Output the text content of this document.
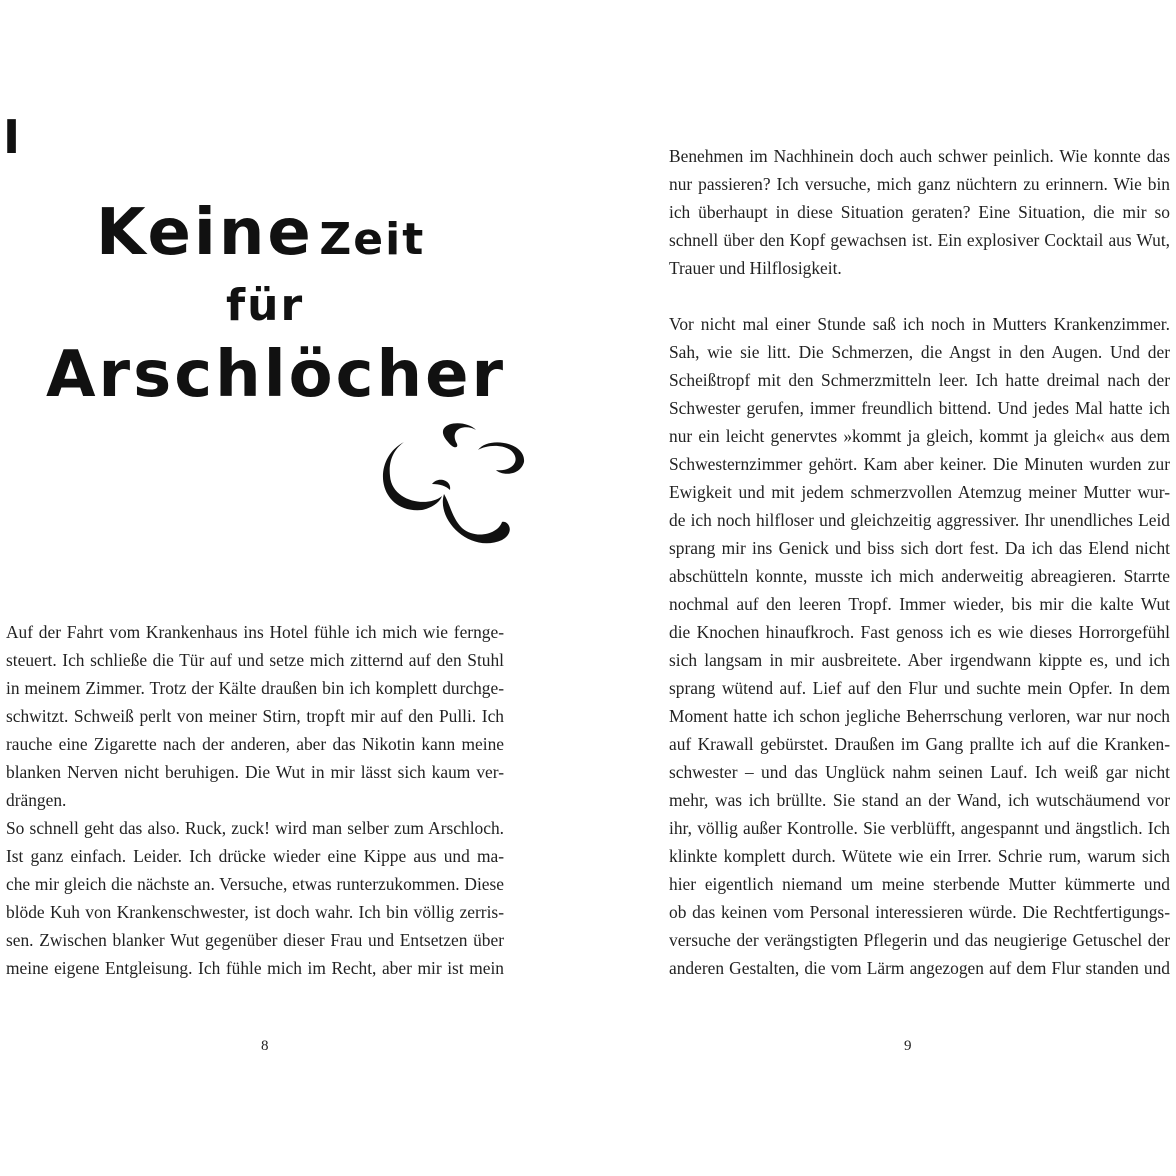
I
Keine Zeit
für
Arschlöcher

Auf der Fahrt vom Krankenhaus ins Hotel fühle ich mich wie fernge-
steuert. Ich schließe die Tür auf und setze mich zitternd auf den Stuhl
in meinem Zimmer. Trotz der Kälte draußen bin ich komplett durchge-
schwitzt. Schweiß perlt von meiner Stirn, tropft mir auf den Pulli. Ich
rauche eine Zigarette nach der anderen, aber das Nikotin kann meine
blanken Nerven nicht beruhigen. Die Wut in mir lässt sich kaum ver-
drängen.

So schnell geht das also. Ruck, zuck! wird man selber zum Arschloch.
Ist ganz einfach. Leider. Ich drücke wieder eine Kippe aus und ma-
che mir gleich die nächste an. Versuche, etwas runterzukommen. Diese
blöde Kuh von Krankenschwester, ist doch wahr. Ich bin völlig zerris-
sen. Zwischen blanker Wut gegenüber dieser Frau und Entsetzen über
meine eigene Entgleisung. Ich fühle mich im Recht, aber mir ist mein

8

Benehmen im Nachhinein doch auch schwer peinlich. Wie konnte das
nur passieren? Ich versuche, mich ganz nüchtern zu erinnern. Wie bin
ich überhaupt in diese Situation geraten? Eine Situation, die mir so
schnell über den Kopf gewachsen ist. Ein explosiver Cocktail aus Wut,
Trauer und Hilflosigkeit.

Vor nicht mal einer Stunde saß ich noch in Mutters Krankenzimmer.
Sah, wie sie litt. Die Schmerzen, die Angst in den Augen. Und der
Scheißtropf mit den Schmerzmitteln leer. Ich hatte dreimal nach der
Schwester gerufen, immer freundlich bittend. Und jedes Mal hatte ich
nur ein leicht genervtes »kommt ja gleich, kommt ja gleich« aus dem
Schwesternzimmer gehört. Kam aber keiner. Die Minuten wurden zur
Ewigkeit und mit jedem schmerzvollen Atemzug meiner Mutter wur-
de ich noch hilfloser und gleichzeitig aggressiver. Ihr unendliches Leid
sprang mir ins Genick und biss sich dort fest. Da ich das Elend nicht
abschütteln konnte, musste ich mich anderweitig abreagieren. Starrte
nochmal auf den leeren Tropf. Immer wieder, bis mir die kalte Wut
die Knochen hinaufkroch. Fast genoss ich es wie dieses Horrorgefühl
sich langsam in mir ausbreitete. Aber irgendwann kippte es, und ich
sprang wütend auf. Lief auf den Flur und suchte mein Opfer. In dem
Moment hatte ich schon jegliche Beherrschung verloren, war nur noch
auf Krawall gebürstet. Draußen im Gang prallte ich auf die Kranken-
schwester – und das Unglück nahm seinen Lauf. Ich weiß gar nicht
mehr, was ich brüllte. Sie stand an der Wand, ich wutschäumend vor
ihr, völlig außer Kontrolle. Sie verblüfft, angespannt und ängstlich. Ich
klinkte komplett durch. Wütete wie ein Irrer. Schrie rum, warum sich
hier eigentlich niemand um meine sterbende Mutter kümmerte und
ob das keinen vom Personal interessieren würde. Die Rechtfertigungs-
versuche der verängstigten Pflegerin und das neugierige Getuschel der
anderen Gestalten, die vom Lärm angezogen auf dem Flur standen und

9
